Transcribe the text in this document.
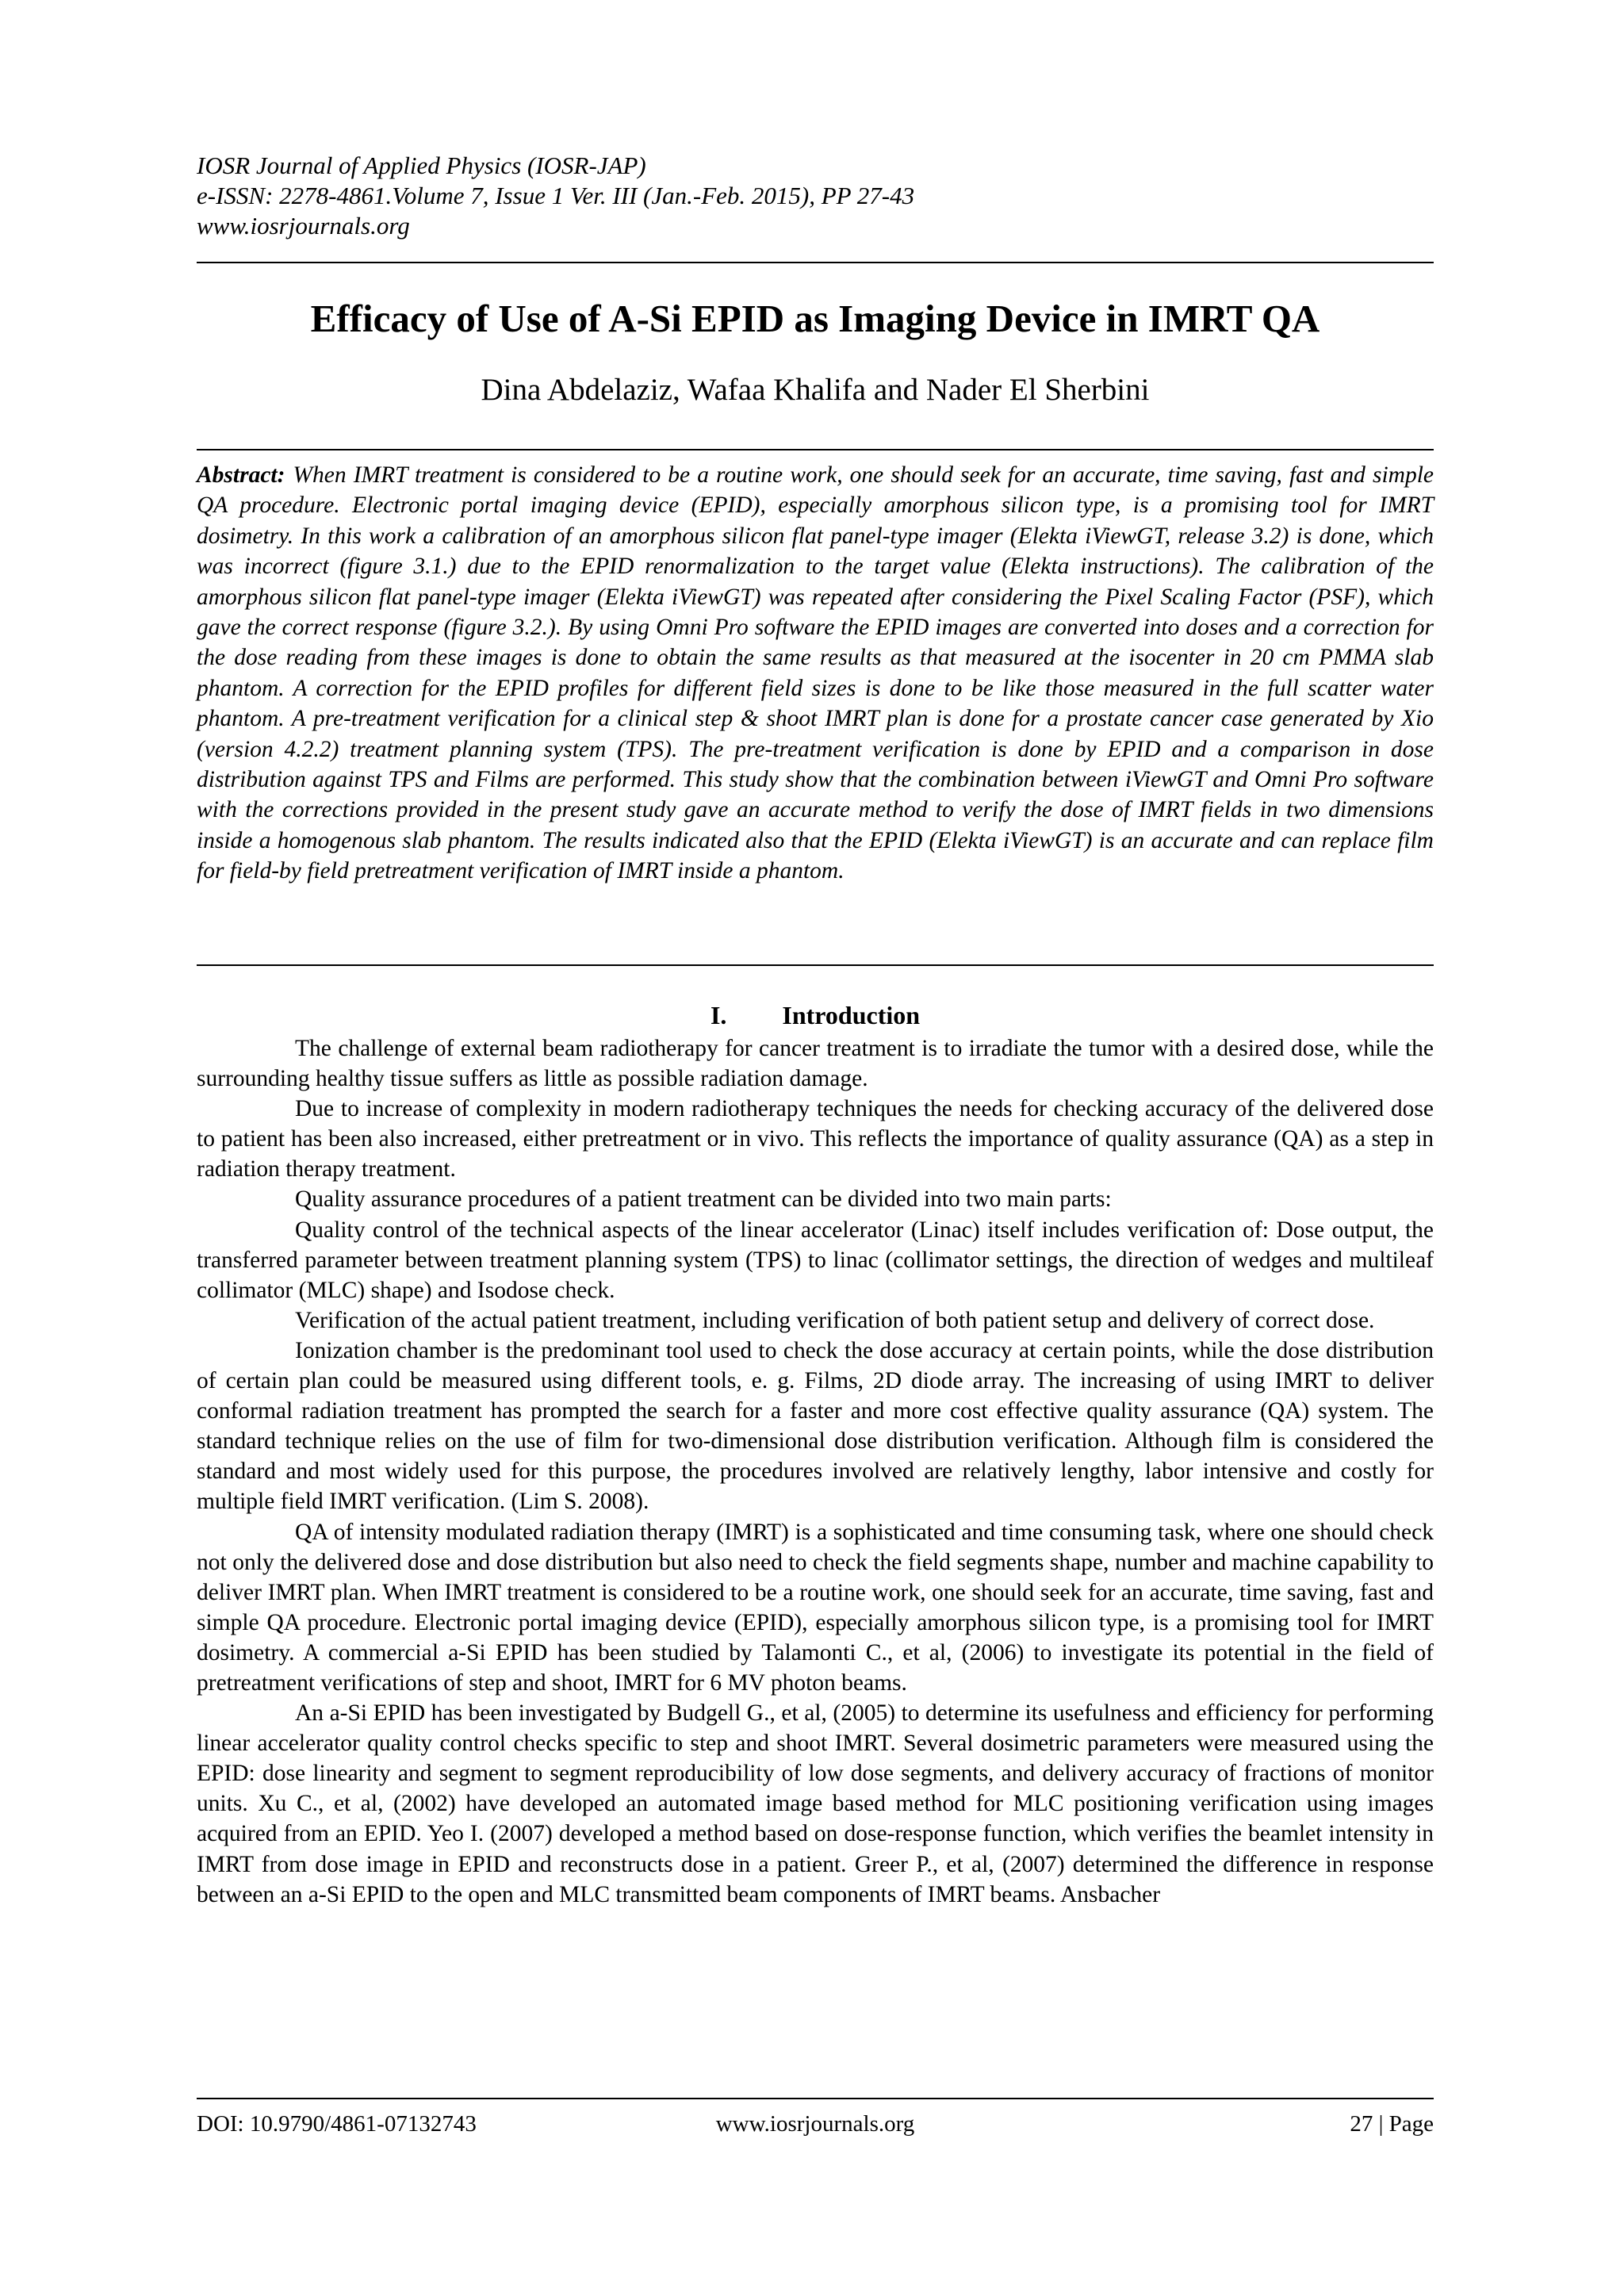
IOSR Journal of Applied Physics (IOSR-JAP)
e-ISSN: 2278-4861.Volume 7, Issue 1 Ver. III (Jan.-Feb. 2015), PP 27-43
www.iosrjournals.org
Efficacy of Use of A-Si EPID as Imaging Device in IMRT QA
Dina Abdelaziz, Wafaa Khalifa and Nader El Sherbini

Abstract: When IMRT treatment is considered to be a routine work, one should seek for an accurate, time saving, fast and simple QA procedure. Electronic portal imaging device (EPID), especially amorphous silicon type, is a promising tool for IMRT dosimetry. In this work a calibration of an amorphous silicon flat panel-type imager (Elekta iViewGT, release 3.2) is done, which was incorrect (figure 3.1.) due to the EPID renormalization to the target value (Elekta instructions). The calibration of the amorphous silicon flat panel-type imager (Elekta iViewGT) was repeated after considering the Pixel Scaling Factor (PSF), which gave the correct response (figure 3.2.). By using Omni Pro software the EPID images are converted into doses and a correction for the dose reading from these images is done to obtain the same results as that measured at the isocenter in 20 cm PMMA slab phantom. A correction for the EPID profiles for different field sizes is done to be like those measured in the full scatter water phantom. A pre-treatment verification for a clinical step & shoot IMRT plan is done for a prostate cancer case generated by Xio (version 4.2.2) treatment planning system (TPS). The pre-treatment verification is done by EPID and a comparison in dose distribution against TPS and Films are performed. This study show that the combination between iViewGT and Omni Pro software with the corrections provided in the present study gave an accurate method to verify the dose of IMRT fields in two dimensions inside a homogenous slab phantom. The results indicated also that the EPID (Elekta iViewGT) is an accurate and can replace film for field-by field pretreatment verification of IMRT inside a phantom.

I. Introduction

The challenge of external beam radiotherapy for cancer treatment is to irradiate the tumor with a desired dose, while the surrounding healthy tissue suffers as little as possible radiation damage.

Due to increase of complexity in modern radiotherapy techniques the needs for checking accuracy of the delivered dose to patient has been also increased, either pretreatment or in vivo. This reflects the importance of quality assurance (QA) as a step in radiation therapy treatment.

Quality assurance procedures of a patient treatment can be divided into two main parts:

Quality control of the technical aspects of the linear accelerator (Linac) itself includes verification of: Dose output, the transferred parameter between treatment planning system (TPS) to linac (collimator settings, the direction of wedges and multileaf collimator (MLC) shape) and Isodose check.

Verification of the actual patient treatment, including verification of both patient setup and delivery of correct dose.

Ionization chamber is the predominant tool used to check the dose accuracy at certain points, while the dose distribution of certain plan could be measured using different tools, e. g. Films, 2D diode array. The increasing of using IMRT to deliver conformal radiation treatment has prompted the search for a faster and more cost effective quality assurance (QA) system. The standard technique relies on the use of film for two-dimensional dose distribution verification. Although film is considered the standard and most widely used for this purpose, the procedures involved are relatively lengthy, labor intensive and costly for multiple field IMRT verification. (Lim S. 2008).

QA of intensity modulated radiation therapy (IMRT) is a sophisticated and time consuming task, where one should check not only the delivered dose and dose distribution but also need to check the field segments shape, number and machine capability to deliver IMRT plan. When IMRT treatment is considered to be a routine work, one should seek for an accurate, time saving, fast and simple QA procedure. Electronic portal imaging device (EPID), especially amorphous silicon type, is a promising tool for IMRT dosimetry. A commercial a-Si EPID has been studied by Talamonti C., et al, (2006) to investigate its potential in the field of pretreatment verifications of step and shoot, IMRT for 6 MV photon beams.

An a-Si EPID has been investigated by Budgell G., et al, (2005) to determine its usefulness and efficiency for performing linear accelerator quality control checks specific to step and shoot IMRT. Several dosimetric parameters were measured using the EPID: dose linearity and segment to segment reproducibility of low dose segments, and delivery accuracy of fractions of monitor units. Xu C., et al, (2002) have developed an automated image based method for MLC positioning verification using images acquired from an EPID. Yeo I. (2007) developed a method based on dose-response function, which verifies the beamlet intensity in IMRT from dose image in EPID and reconstructs dose in a patient. Greer P., et al, (2007) determined the difference in response between an a-Si EPID to the open and MLC transmitted beam components of IMRT beams. Ansbacher

DOI: 10.9790/4861-07132743	www.iosrjournals.org	27 | Page
